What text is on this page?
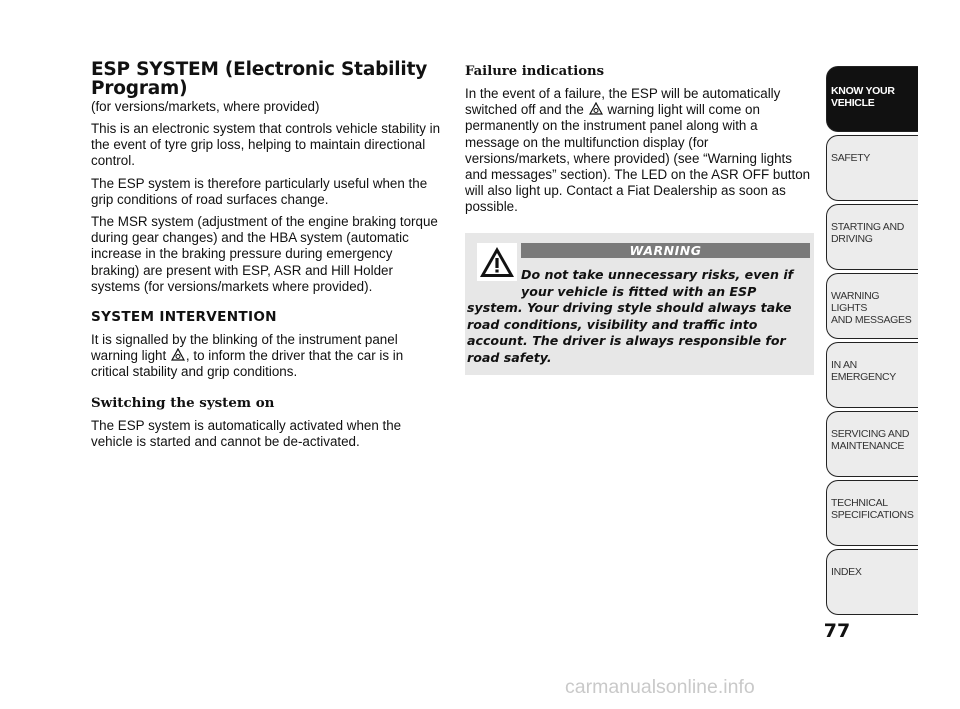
ESP SYSTEM (Electronic Stability
Program)
(for versions/markets, where provided)

This is an electronic system that controls vehicle stability in the event of tyre grip loss, helping to maintain directional control.

The ESP system is therefore particularly useful when the grip conditions of road surfaces change.

The MSR system (adjustment of the engine braking torque during gear changes) and the HBA system (automatic increase in the braking pressure during emergency braking) are present with ESP, ASR and Hill Holder systems (for versions/markets where provided).

SYSTEM INTERVENTION

It is signalled by the blinking of the instrument panel warning light , to inform the driver that the car is in critical stability and grip conditions.

Switching the system on

The ESP system is automatically activated when the vehicle is started and cannot be de-activated.

Failure indications

In the event of a failure, the ESP will be automatically switched off and the  warning light will come on permanently on the instrument panel along with a message on the multifunction display (for versions/markets, where provided) (see “Warning lights and messages” section). The LED on the ASR OFF button will also light up. Contact a Fiat Dealership as soon as possible.

WARNING
Do not take unnecessary risks, even if your vehicle is fitted with an ESP
system. Your driving style should always take road conditions, visibility and traffic into account. The driver is always responsible for road safety.
KNOW YOUR
VEHICLE
SAFETY
STARTING AND
DRIVING
WARNING LIGHTS
AND MESSAGES
IN AN EMERGENCY
SERVICING AND
MAINTENANCE
TECHNICAL
SPECIFICATIONS
INDEX
77
carmanualsonline.info
